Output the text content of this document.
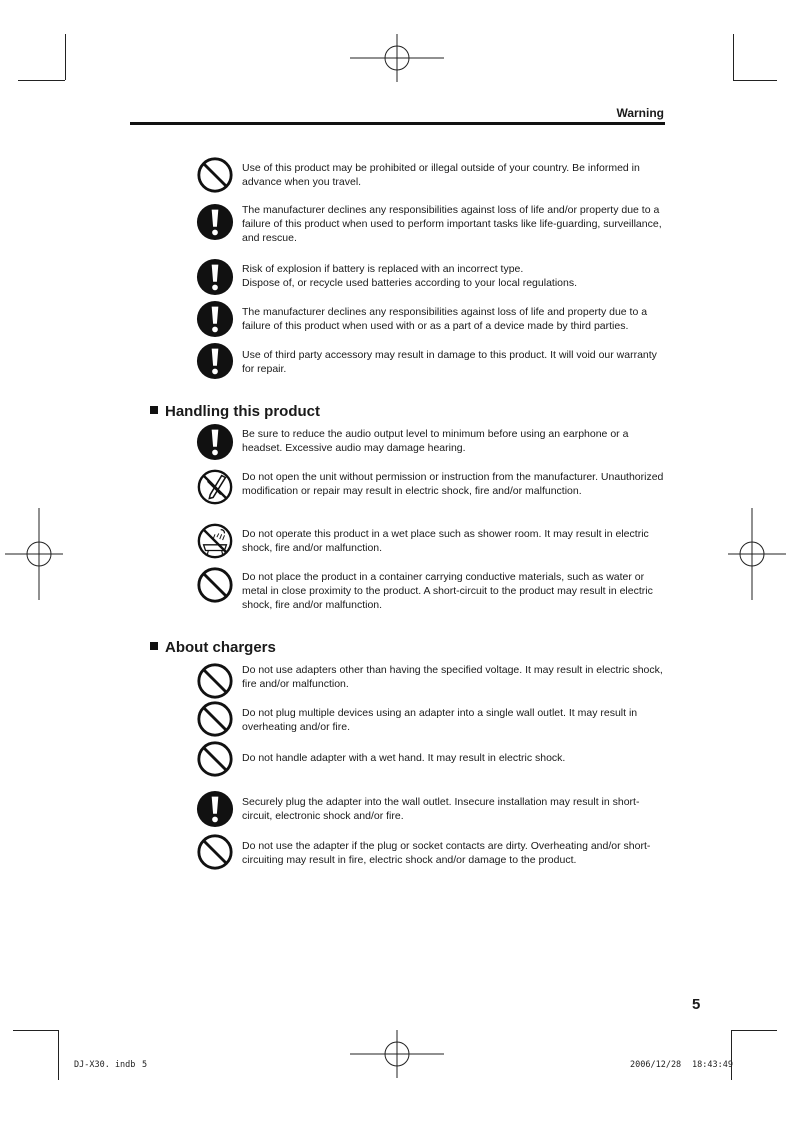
Warning
Use of this product may be prohibited or illegal outside of your country. Be informed in advance when you travel.
The manufacturer declines any responsibilities against loss of life and/or property due to a failure of this product when used to perform important tasks like life-guarding, surveillance, and rescue.
Risk of explosion if battery is replaced with an incorrect type.
Dispose of, or recycle used batteries according to your local regulations.
The manufacturer declines any responsibilities against loss of life and property due to a failure of this product when used with or as a part of a device made by third parties.
Use of third party accessory may result in damage to this product. It will void our warranty for repair.
Handling this product
Be sure to reduce the audio output level to minimum before using an earphone or a headset. Excessive audio may damage hearing.
Do not open the unit without permission or instruction from the manufacturer. Unauthorized modification or repair may result in electric shock, fire and/or malfunction.
Do not operate this product in a wet place such as shower room. It may result in electric shock, fire and/or malfunction.
Do not place the product in a container carrying conductive materials, such as water or metal in close proximity to the product. A short-circuit to the product may result in electric shock, fire and/or malfunction.
About chargers
Do not use adapters other than having the specified voltage. It may result in electric shock, fire and/or malfunction.
Do not plug multiple devices using an adapter into a single wall outlet. It may result in overheating and/or fire.
Do not handle adapter with a wet hand. It may result in electric shock.
Securely plug the adapter into the wall outlet. Insecure installation may result in short-circuit, electronic shock and/or fire.
Do not use the adapter if the plug or socket contacts are dirty. Overheating and/or short-circuiting may result in fire, electric shock and/or damage to the product.
5
DJ-X30. indb 5	2006/12/28 18:43:49
